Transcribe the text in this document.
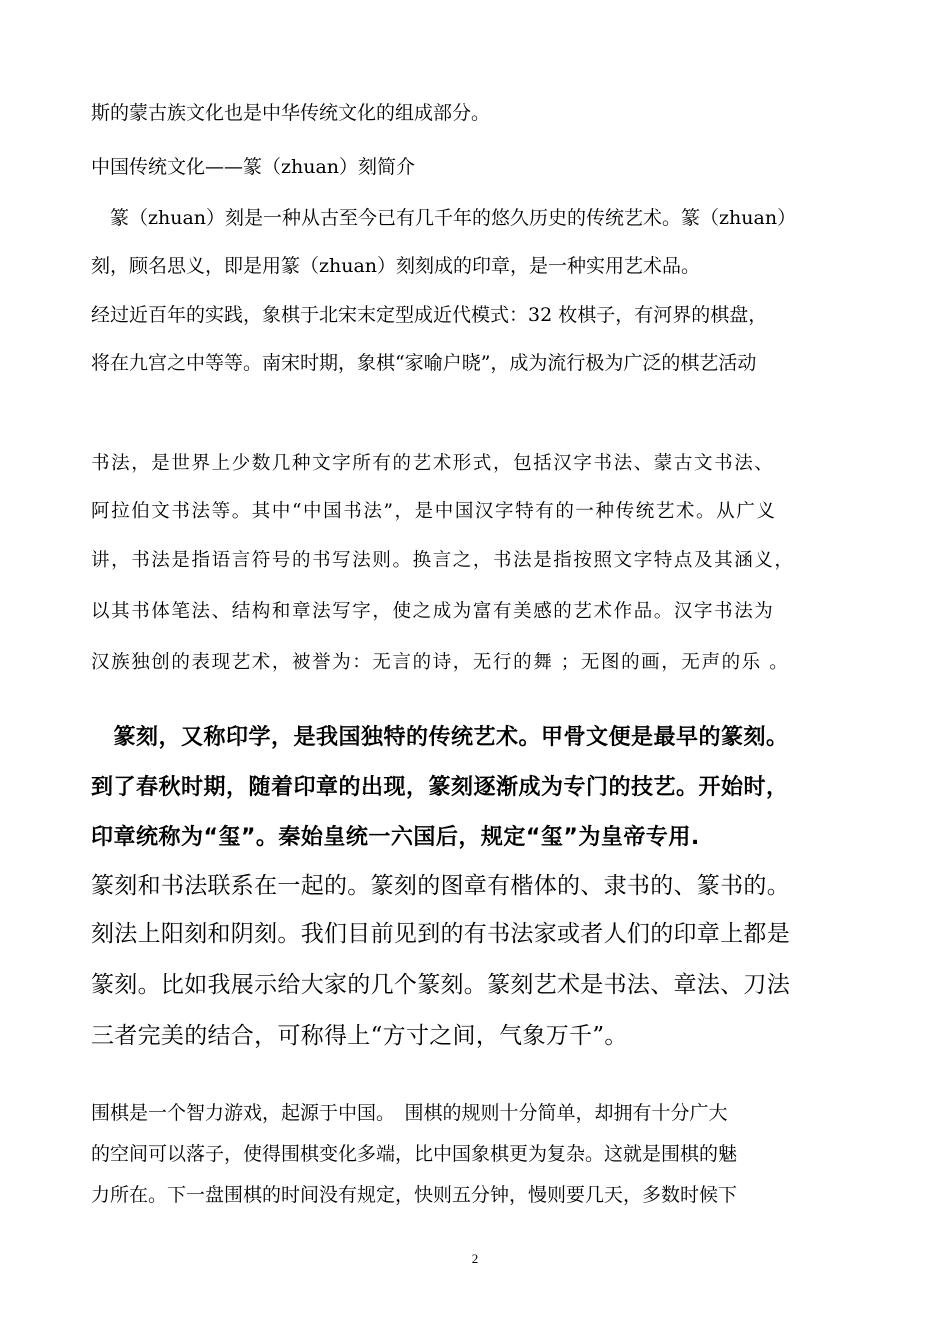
斯的蒙古族文化也是中华传统文化的组成部分。
中国传统文化——篆（zhuan）刻简介
　篆（zhuan）刻是一种从古至今已有几千年的悠久历史的传统艺术。篆（zhuan）
刻，顾名思义，即是用篆（zhuan）刻刻成的印章，是一种实用艺术品。
经过近百年的实践，象棋于北宋末定型成近代模式：32 枚棋子，有河界的棋盘，
将在九宫之中等等。南宋时期，象棋“家喻户晓”，成为流行极为广泛的棋艺活动
书法，是世界上少数几种文字所有的艺术形式，包括汉字书法、蒙古文书法、
阿拉伯文书法等。其中“中国书法”，是中国汉字特有的一种传统艺术。从广义
讲，书法是指语言符号的书写法则。换言之，书法是指按照文字特点及其涵义，
以其书体笔法、结构和章法写字，使之成为富有美感的艺术作品。汉字书法为
汉族独创的表现艺术，被誉为：无言的诗，无行的舞 ；无图的画，无声的乐 。
　篆刻，又称印学，是我国独特的传统艺术。甲骨文便是最早的篆刻。
到了春秋时期，随着印章的出现，篆刻逐渐成为专门的技艺。开始时，
印章统称为“玺”。秦始皇统一六国后，规定“玺”为皇帝专用.
篆刻和书法联系在一起的。篆刻的图章有楷体的、隶书的、篆书的。
刻法上阳刻和阴刻。我们目前见到的有书法家或者人们的印章上都是
篆刻。比如我展示给大家的几个篆刻。篆刻艺术是书法、章法、刀法
三者完美的结合，可称得上“方寸之间，气象万千”。
围棋是一个智力游戏，起源于中国。　围棋的规则十分简单，却拥有十分广大
的空间可以落子，使得围棋变化多端，比中国象棋更为复杂。这就是围棋的魅
力所在。下一盘围棋的时间没有规定，快则五分钟，慢则要几天，多数时候下
2
